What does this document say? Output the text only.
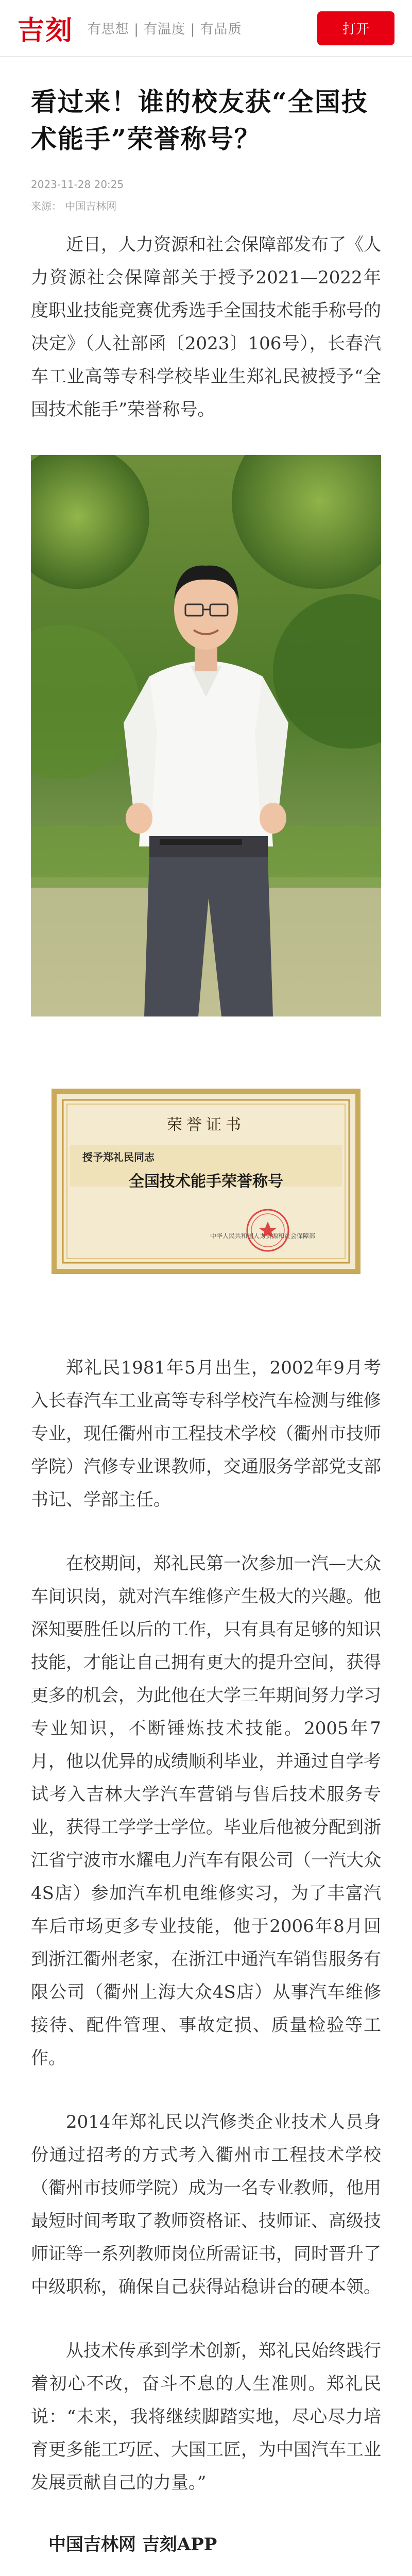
吉刻 有思想 | 有温度 | 有品质	打开
看过来！谁的校友获“全国技术能手”荣誉称号？
2023-11-28 20:25
来源： 中国吉林网

近日，人力资源和社会保障部发布了《人力资源社会保障部关于授予2021—2022年度职业技能竞赛优秀选手全国技术能手称号的决定》（人社部函〔2023〕106号），长春汽车工业高等专科学校毕业生郑礼民被授予“全国技术能手”荣誉称号。

荣誉证书
授予郑礼民同志
全国技术能手荣誉称号
中华人民共和国人力资源和社会保障部

郑礼民1981年5月出生，2002年9月考入长春汽车工业高等专科学校汽车检测与维修专业，现任衢州市工程技术学校（衢州市技师学院）汽修专业课教师，交通服务学部党支部书记、学部主任。

在校期间，郑礼民第一次参加一汽—大众车间识岗，就对汽车维修产生极大的兴趣。他深知要胜任以后的工作，只有具有足够的知识技能，才能让自己拥有更大的提升空间，获得更多的机会，为此他在大学三年期间努力学习专业知识，不断锤炼技术技能。2005年7月，他以优异的成绩顺利毕业，并通过自学考试考入吉林大学汽车营销与售后技术服务专业，获得工学学士学位。毕业后他被分配到浙江省宁波市水耀电力汽车有限公司（一汽大众4S店）参加汽车机电维修实习，为了丰富汽车后市场更多专业技能，他于2006年8月回到浙江衢州老家，在浙江中通汽车销售服务有限公司（衢州上海大众4S店）从事汽车维修接待、配件管理、事故定损、质量检验等工作。

2014年郑礼民以汽修类企业技术人员身份通过招考的方式考入衢州市工程技术学校（衢州市技师学院）成为一名专业教师，他用最短时间考取了教师资格证、技师证、高级技师证等一系列教师岗位所需证书，同时晋升了中级职称，确保自己获得站稳讲台的硬本领。

从技术传承到学术创新，郑礼民始终践行着初心不改，奋斗不息的人生准则。郑礼民说：“未来，我将继续脚踏实地，尽心尽力培育更多能工巧匠、大国工匠，为中国汽车工业发展贡献自己的力量。”

中国吉林网 吉刻APP
